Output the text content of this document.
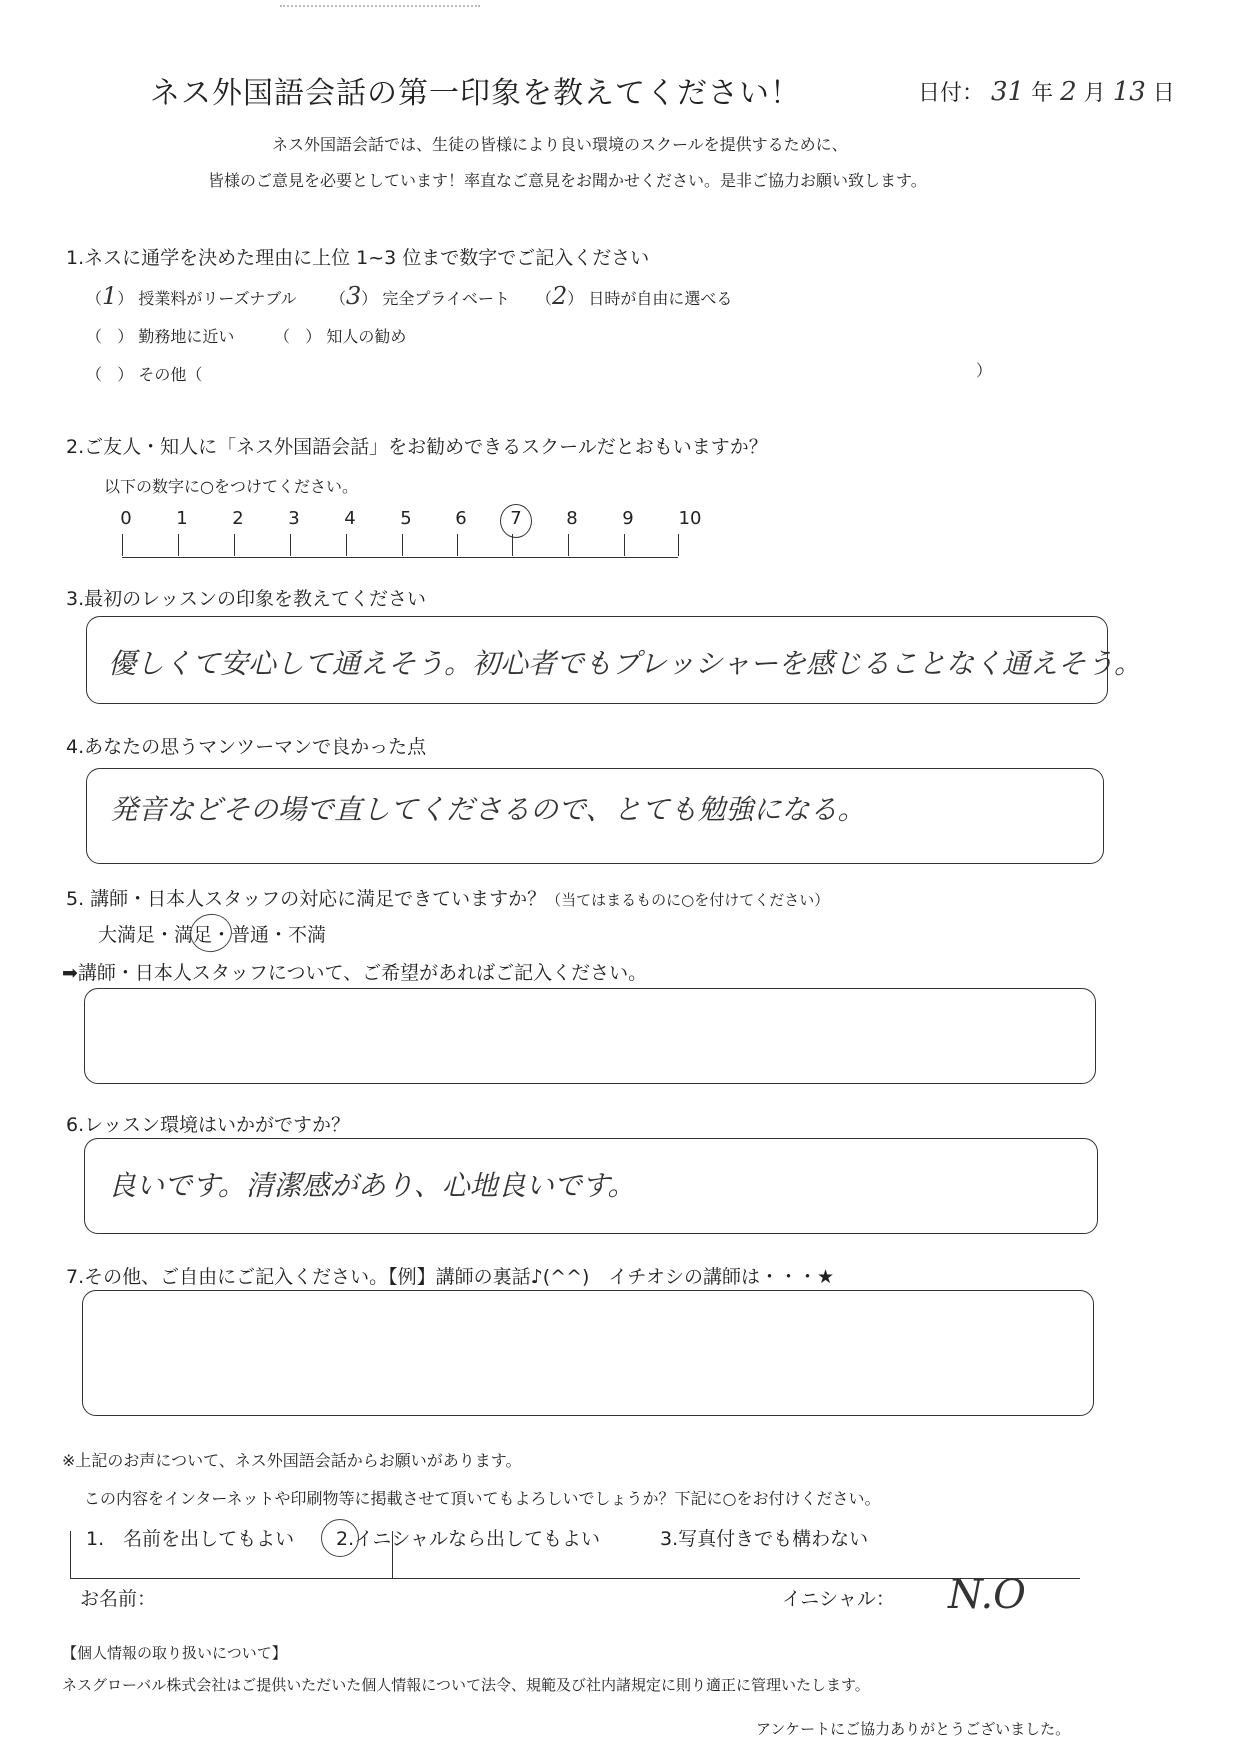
ネス外国語会話の第一印象を教えてください！	日付： 31 年 2 月 13 日
ネス外国語会話では、生徒の皆様により良い環境のスクールを提供するために、
皆様のご意見を必要としています！率直なご意見をお聞かせください。是非ご協力お願い致します。
1.ネスに通学を決めた理由に上位 1~3 位まで数字でご記入ください
（1） 授業料がリーズナブル （3） 完全プライベート （2） 日時が自由に選べる
（ ） 勤務地に近い （ ） 知人の勧め
（ ） その他（	）
2.ご友人・知人に「ネス外国語会話」をお勧めできるスクールだとおもいますか？
以下の数字に○をつけてください。
0 1 2 3 4 5 6 7 8 9 10
3.最初のレッスンの印象を教えてください
優しくて安心して通えそう。初心者でもプレッシャーを感じることなく通えそう。
4.あなたの思うマンツーマンで良かった点
発音などその場で直してくださるので、とても勉強になる。
5. 講師・日本人スタッフの対応に満足できていますか？（当てはまるものに○を付けてください）
大満足・満足・普通・不満
➡講師・日本人スタッフについて、ご希望があればご記入ください。
6.レッスン環境はいかがですか？
良いです。清潔感があり、心地良いです。
7.その他、ご自由にご記入ください。【例】講師の裏話♪(^^)　イチオシの講師は・・・★
※上記のお声について、ネス外国語会話からお願いがあります。
この内容をインターネットや印刷物等に掲載させて頂いてもよろしいでしょうか？下記に○をお付けください。
1.　名前を出してもよい 2.イニシャルなら出してもよい	3.写真付きでも構わない
お名前：	イニシャル： N.O
【個人情報の取り扱いについて】
ネスグローバル株式会社はご提供いただいた個人情報について法令、規範及び社内諸規定に則り適正に管理いたします。
アンケートにご協力ありがとうございました。
